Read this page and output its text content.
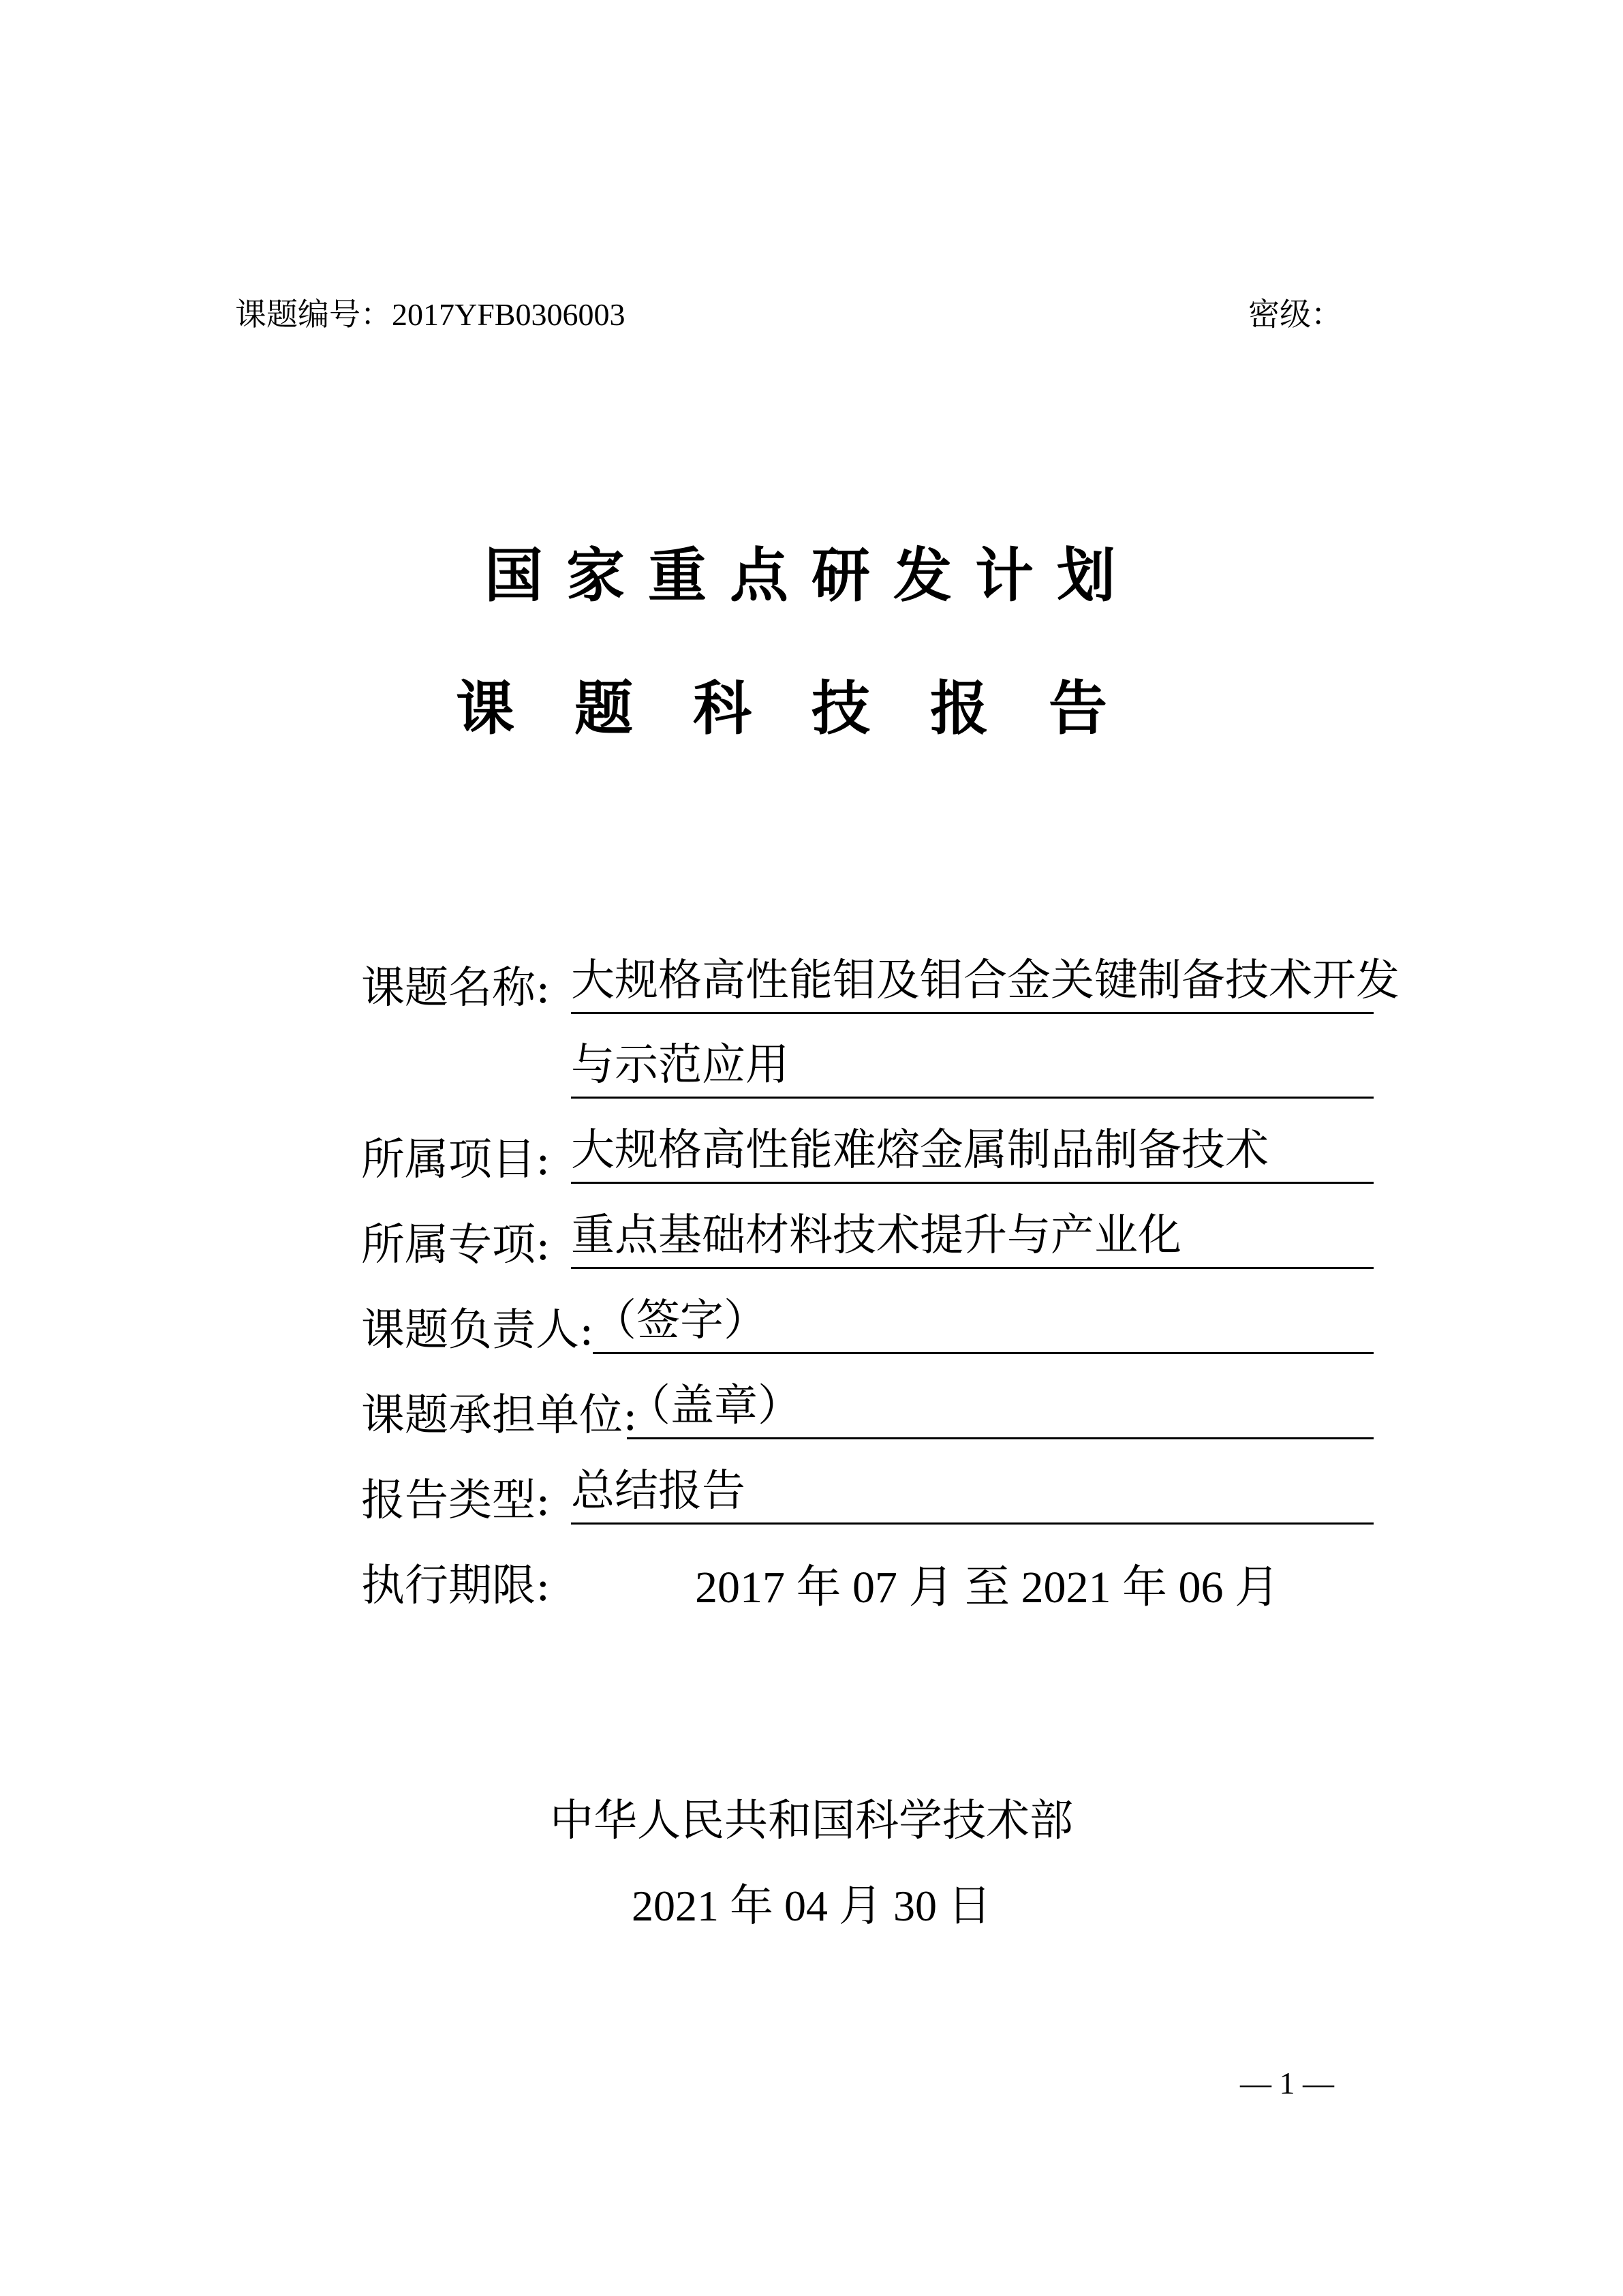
课题编号：2017YFB0306003	密级：
国家重点研发计划
课题科技报告
课题名称: 大规格高性能钼及钼合金关键制备技术开发
与示范应用
所属项目: 大规格高性能难熔金属制品制备技术
所属专项: 重点基础材料技术提升与产业化
课题负责人:
（签字）
课题承担单位:
（盖章）
报告类型: 总结报告
执行期限:	2017 年 07 月 至 2021 年 06 月
中华人民共和国科学技术部
2021 年 04 月 30 日
— 1 —
